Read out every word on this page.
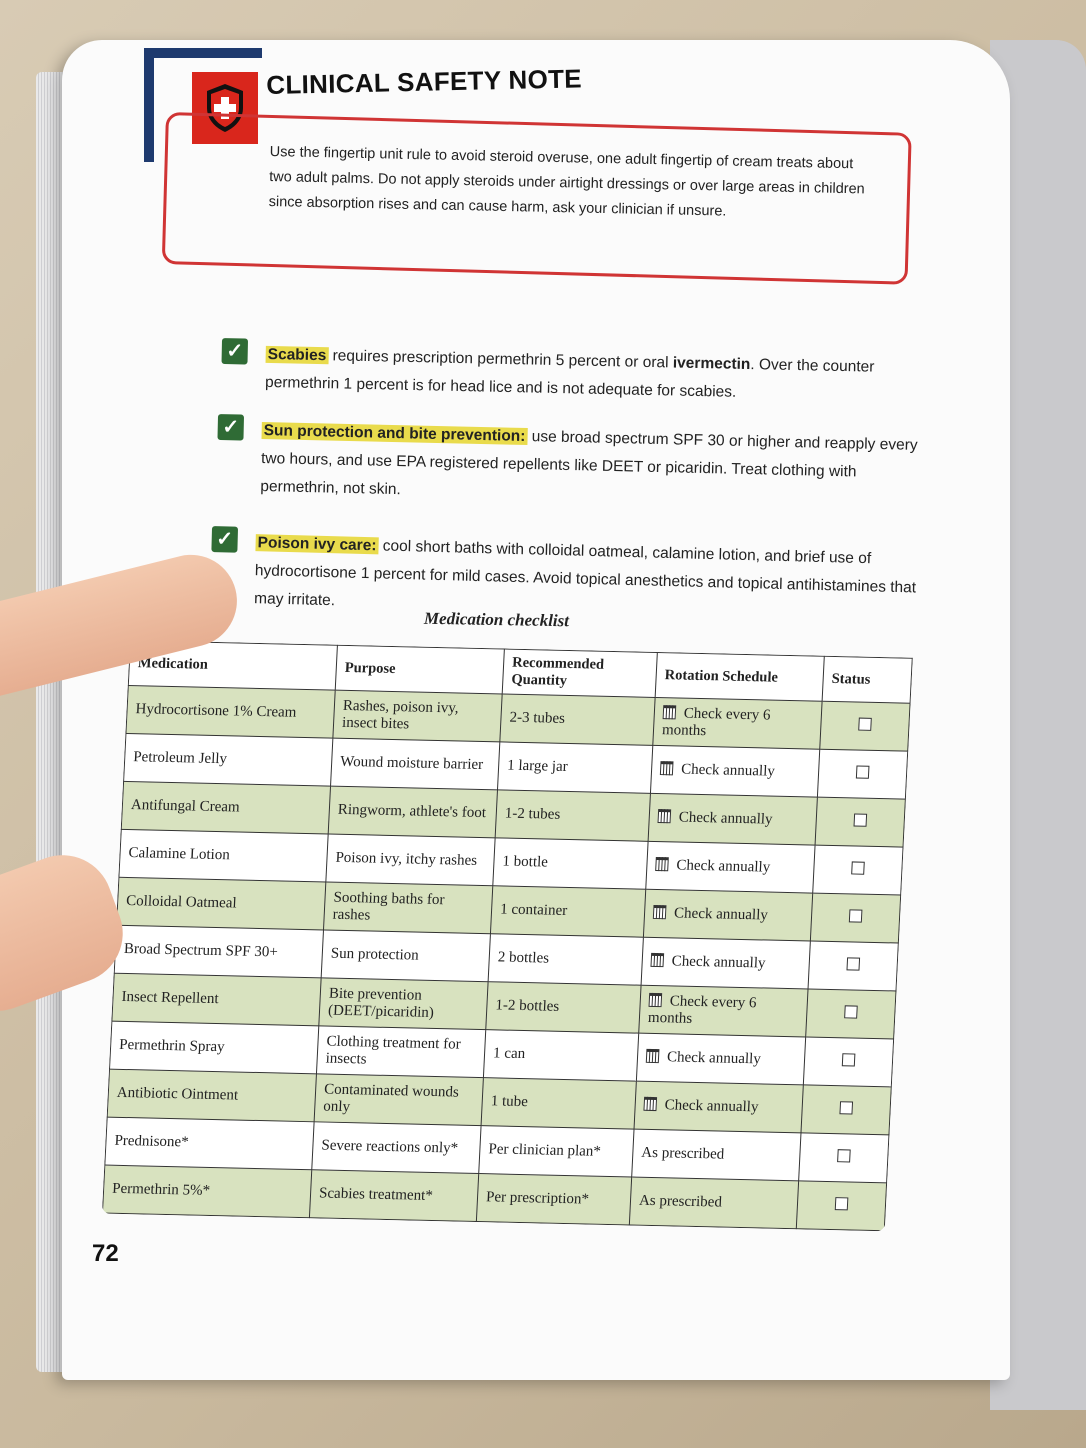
CLINICAL SAFETY NOTE
Use the fingertip unit rule to avoid steroid overuse, one adult fingertip of cream treats about two adult palms. Do not apply steroids under airtight dressings or over large areas in children since absorption rises and can cause harm, ask your clinician if unsure.
✓	Scabies requires prescription permethrin 5 percent or oral ivermectin. Over the counter permethrin 1 percent is for head lice and is not adequate for scabies.
✓	Sun protection and bite prevention: use broad spectrum SPF 30 or higher and reapply every two hours, and use EPA registered repellents like DEET or picaridin. Treat clothing with permethrin, not skin.
✓	Poison ivy care: cool short baths with colloidal oatmeal, calamine lotion, and brief use of hydrocortisone 1 percent for mild cases. Avoid topical anesthetics and topical antihistamines that may irritate.
Medication checklist
Medication	Purpose	Recommended Quantity	Rotation Schedule	Status
Hydrocortisone 1% Cream	Rashes, poison ivy, insect bites	2-3 tubes	Check every 6 months	
Petroleum Jelly	Wound moisture barrier	1 large jar	Check annually	
Antifungal Cream	Ringworm, athlete's foot	1-2 tubes	Check annually	
Calamine Lotion	Poison ivy, itchy rashes	1 bottle	Check annually	
Colloidal Oatmeal	Soothing baths for rashes	1 container	Check annually	
Broad Spectrum SPF 30+	Sun protection	2 bottles	Check annually	
Insect Repellent	Bite prevention (DEET/picaridin)	1-2 bottles	Check every 6 months	
Permethrin Spray	Clothing treatment for insects	1 can	Check annually	
Antibiotic Ointment	Contaminated wounds only	1 tube	Check annually	
Prednisone*	Severe reactions only*	Per clinician plan*	As prescribed	
Permethrin 5%*	Scabies treatment*	Per prescription*	As prescribed	
72
